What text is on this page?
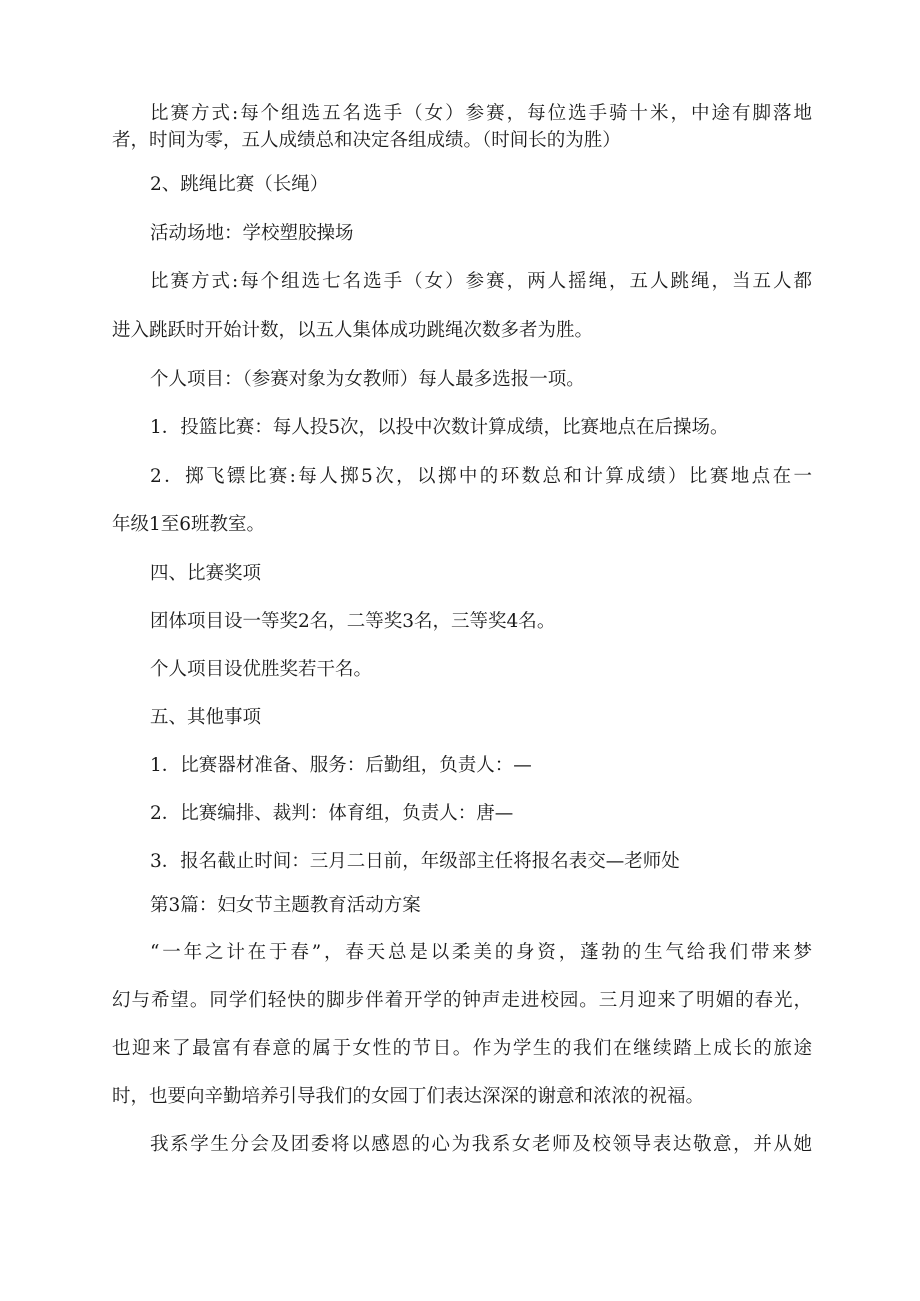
比赛方式:每个组选五名选手（女）参赛，每位选手骑十米，中途有脚落地
者，时间为零，五人成绩总和决定各组成绩。（时间长的为胜）
2、跳绳比赛（长绳）
活动场地：学校塑胶操场
比赛方式:每个组选七名选手（女）参赛，两人摇绳，五人跳绳，当五人都
进入跳跃时开始计数，以五人集体成功跳绳次数多者为胜。
个人项目：（参赛对象为女教师）每人最多选报一项。
1．投篮比赛：每人投5次，以投中次数计算成绩，比赛地点在后操场。
2．掷飞镖比赛:每人掷5次，以掷中的环数总和计算成绩）比赛地点在一
年级1至6班教室。
四、比赛奖项
团体项目设一等奖2名，二等奖3名，三等奖4名。
个人项目设优胜奖若干名。
五、其他事项
1．比赛器材准备、服务：后勤组，负责人：—
2．比赛编排、裁判：体育组，负责人：唐—
3．报名截止时间：三月二日前，年级部主任将报名表交—老师处
第3篇：妇女节主题教育活动方案
“一年之计在于春”，春天总是以柔美的身资，蓬勃的生气给我们带来梦
幻与希望。同学们轻快的脚步伴着开学的钟声走进校园。三月迎来了明媚的春光，
也迎来了最富有春意的属于女性的节日。作为学生的我们在继续踏上成长的旅途
时，也要向辛勤培养引导我们的女园丁们表达深深的谢意和浓浓的祝福。
我系学生分会及团委将以感恩的心为我系女老师及校领导表达敬意，并从她
